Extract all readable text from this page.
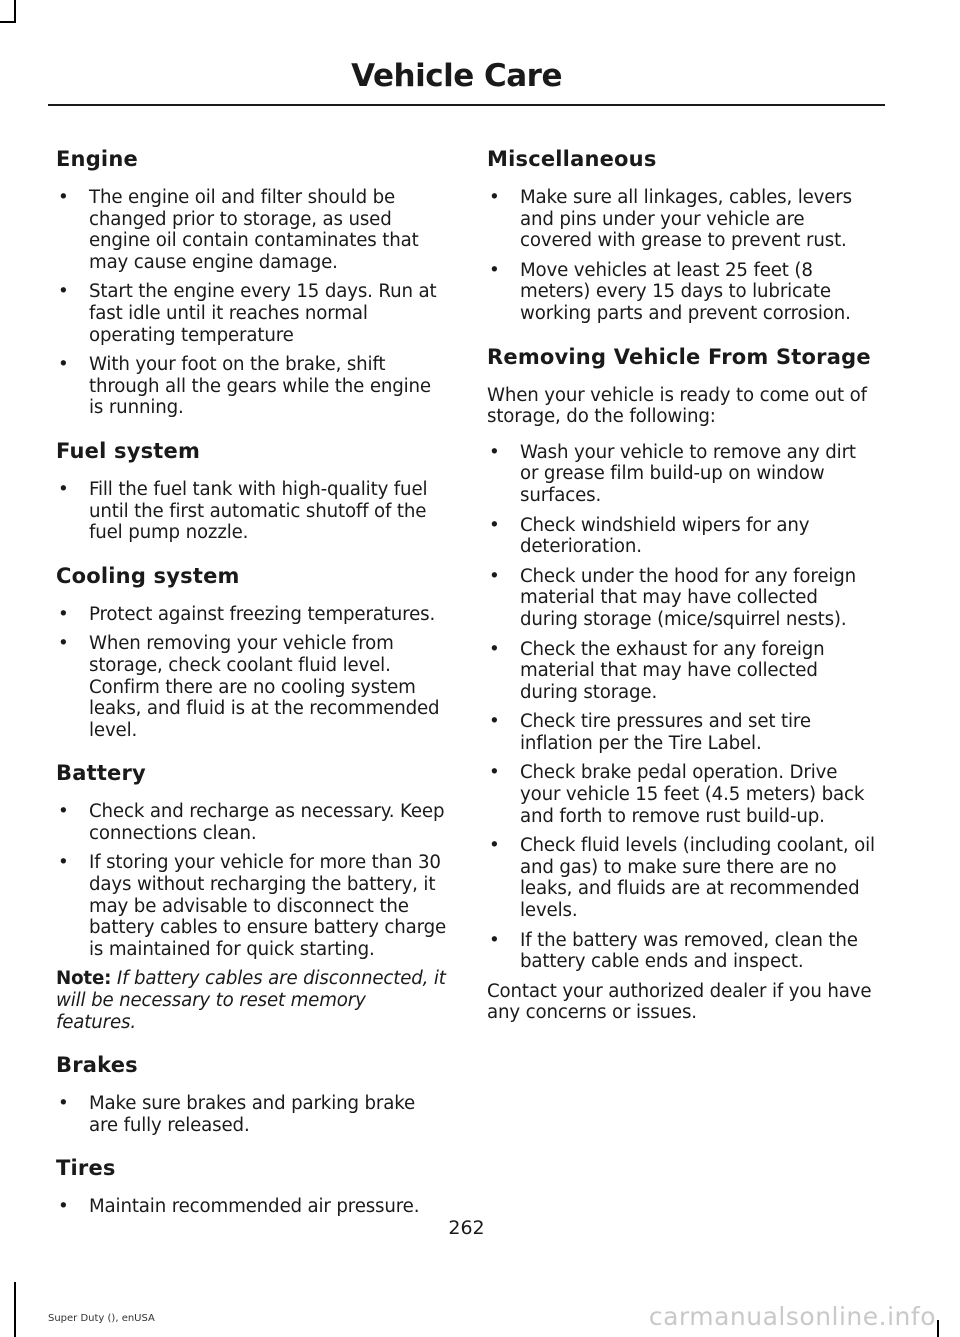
Vehicle Care
Engine
• The engine oil and filter should be changed prior to storage, as used engine oil contain contaminates that may cause engine damage.
• Start the engine every 15 days. Run at fast idle until it reaches normal operating temperature
• With your foot on the brake, shift through all the gears while the engine is running.
Fuel system
• Fill the fuel tank with high-quality fuel until the first automatic shutoff of the fuel pump nozzle.
Cooling system
• Protect against freezing temperatures.
• When removing your vehicle from storage, check coolant fluid level. Confirm there are no cooling system leaks, and fluid is at the recommended level.
Battery
• Check and recharge as necessary. Keep connections clean.
• If storing your vehicle for more than 30 days without recharging the battery, it may be advisable to disconnect the battery cables to ensure battery charge is maintained for quick starting.

Note: If battery cables are disconnected, it will be necessary to reset memory features.

Brakes
• Make sure brakes and parking brake are fully released.
Tires
• Maintain recommended air pressure.
Miscellaneous
• Make sure all linkages, cables, levers and pins under your vehicle are covered with grease to prevent rust.
• Move vehicles at least 25 feet (8 meters) every 15 days to lubricate working parts and prevent corrosion.
Removing Vehicle From Storage

When your vehicle is ready to come out of storage, do the following:

• Wash your vehicle to remove any dirt or grease film build-up on window surfaces.
• Check windshield wipers for any deterioration.
• Check under the hood for any foreign material that may have collected during storage (mice/squirrel nests).
• Check the exhaust for any foreign material that may have collected during storage.
• Check tire pressures and set tire inflation per the Tire Label.
• Check brake pedal operation. Drive your vehicle 15 feet (4.5 meters) back and forth to remove rust build-up.
• Check fluid levels (including coolant, oil and gas) to make sure there are no leaks, and fluids are at recommended levels.
• If the battery was removed, clean the battery cable ends and inspect.

Contact your authorized dealer if you have any concerns or issues.

262
Super Duty (), enUSA	carmanualsonline.info
